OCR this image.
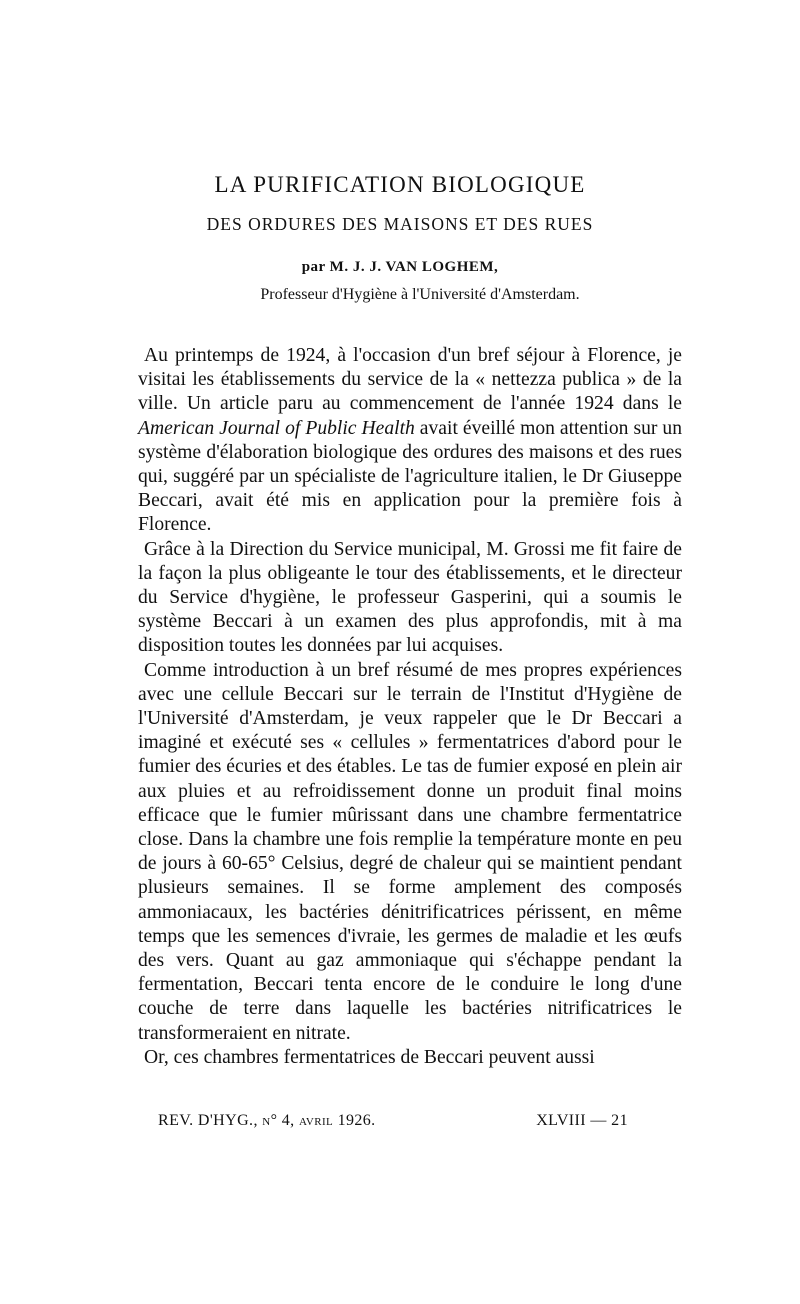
LA PURIFICATION BIOLOGIQUE
DES ORDURES DES MAISONS ET DES RUES
par M. J. J. VAN LOGHEM,
Professeur d'Hygiène à l'Université d'Amsterdam.

Au printemps de 1924, à l'occasion d'un bref séjour à Florence, je visitai les établissements du service de la « nettezza publica » de la ville. Un article paru au commencement de l'année 1924 dans le American Journal of Public Health avait éveillé mon attention sur un système d'élaboration biologique des ordures des maisons et des rues qui, suggéré par un spécialiste de l'agriculture italien, le Dr Giuseppe Beccari, avait été mis en application pour la première fois à Florence.

Grâce à la Direction du Service municipal, M. Grossi me fit faire de la façon la plus obligeante le tour des établissements, et le directeur du Service d'hygiène, le professeur Gasperini, qui a soumis le système Beccari à un examen des plus approfondis, mit à ma disposition toutes les données par lui acquises.

Comme introduction à un bref résumé de mes propres expériences avec une cellule Beccari sur le terrain de l'Institut d'Hygiène de l'Université d'Amsterdam, je veux rappeler que le Dr Beccari a imaginé et exécuté ses « cellules » fermentatrices d'abord pour le fumier des écuries et des étables. Le tas de fumier exposé en plein air aux pluies et au refroidissement donne un produit final moins efficace que le fumier mûrissant dans une chambre fermentatrice close. Dans la chambre une fois remplie la température monte en peu de jours à 60-65° Celsius, degré de chaleur qui se maintient pendant plusieurs semaines. Il se forme amplement des composés ammoniacaux, les bactéries dénitrificatrices périssent, en même temps que les semences d'ivraie, les germes de maladie et les œufs des vers. Quant au gaz ammoniaque qui s'échappe pendant la fermentation, Beccari tenta encore de le conduire le long d'une couche de terre dans laquelle les bactéries nitrificatrices le transformeraient en nitrate.

Or, ces chambres fermentatrices de Beccari peuvent aussi

REV. D'HYG., n° 4, avril 1926.	XLVIII — 21
